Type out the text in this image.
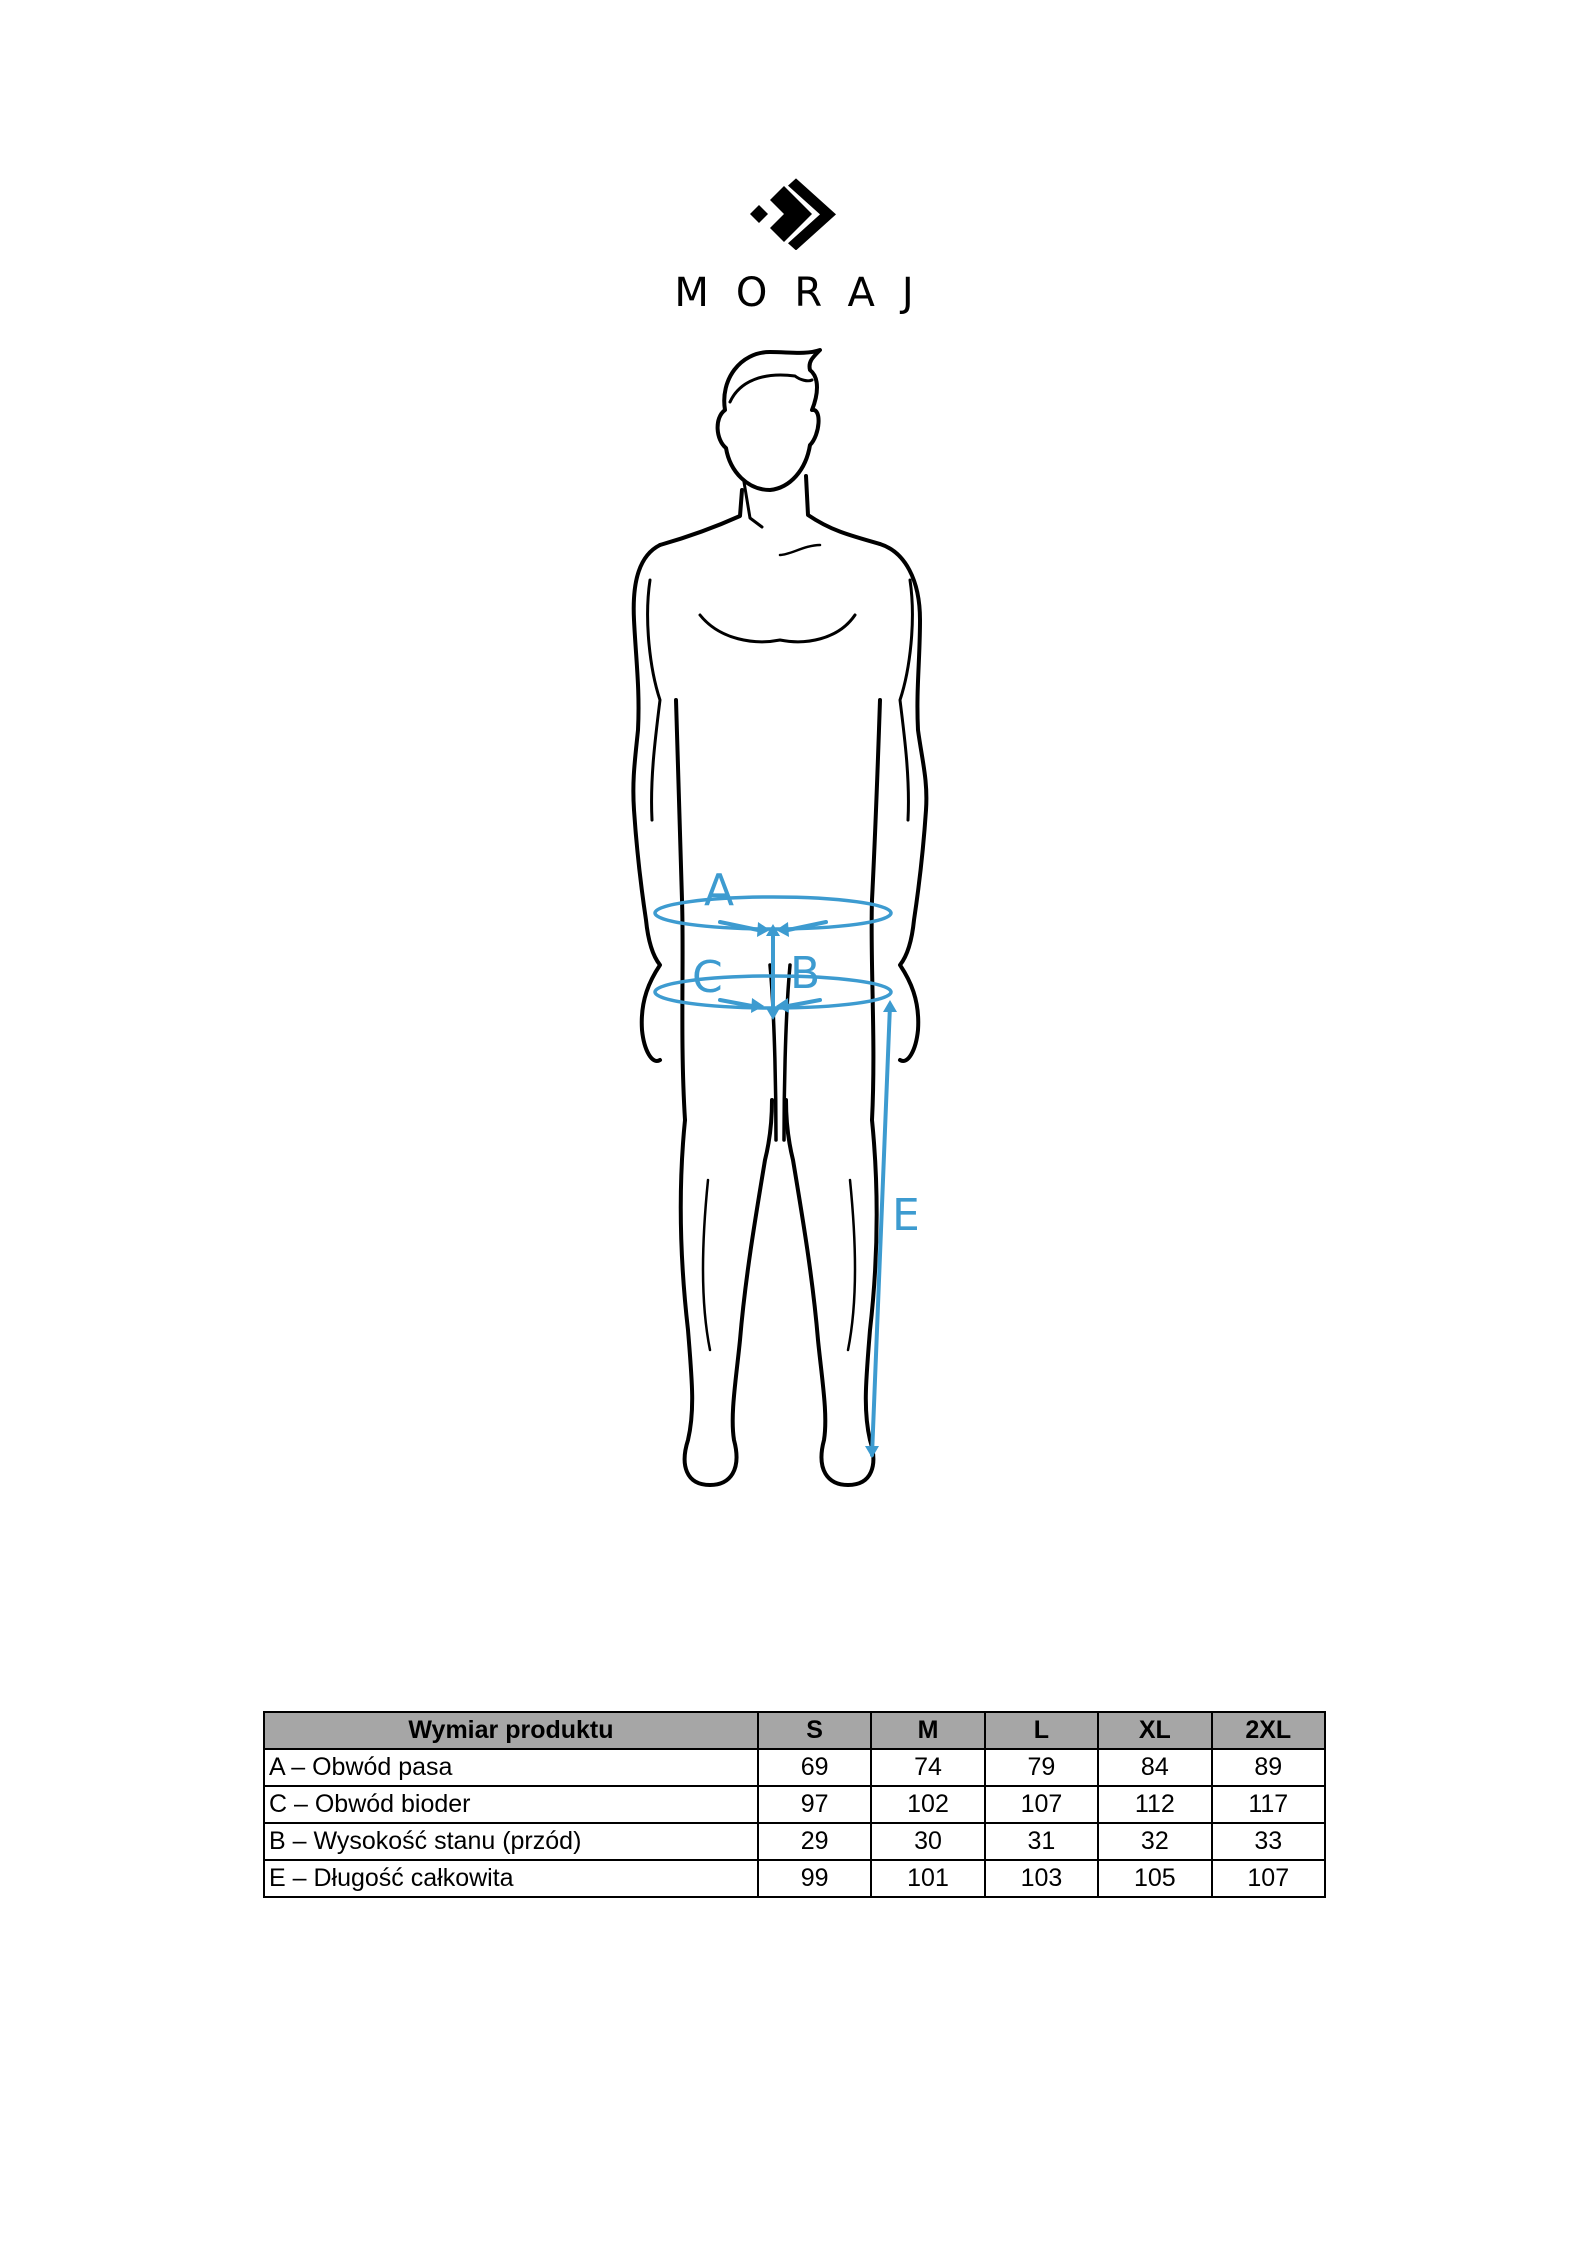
MORAJ
A
C B
E
Wymiar produktu	S	M	L	XL	2XL
A – Obwód pasa	69	74	79	84	89
C – Obwód bioder	97	102	107	112	117
B – Wysokość stanu (przód)	29	30	31	32	33
E – Długość całkowita	99	101	103	105	107
